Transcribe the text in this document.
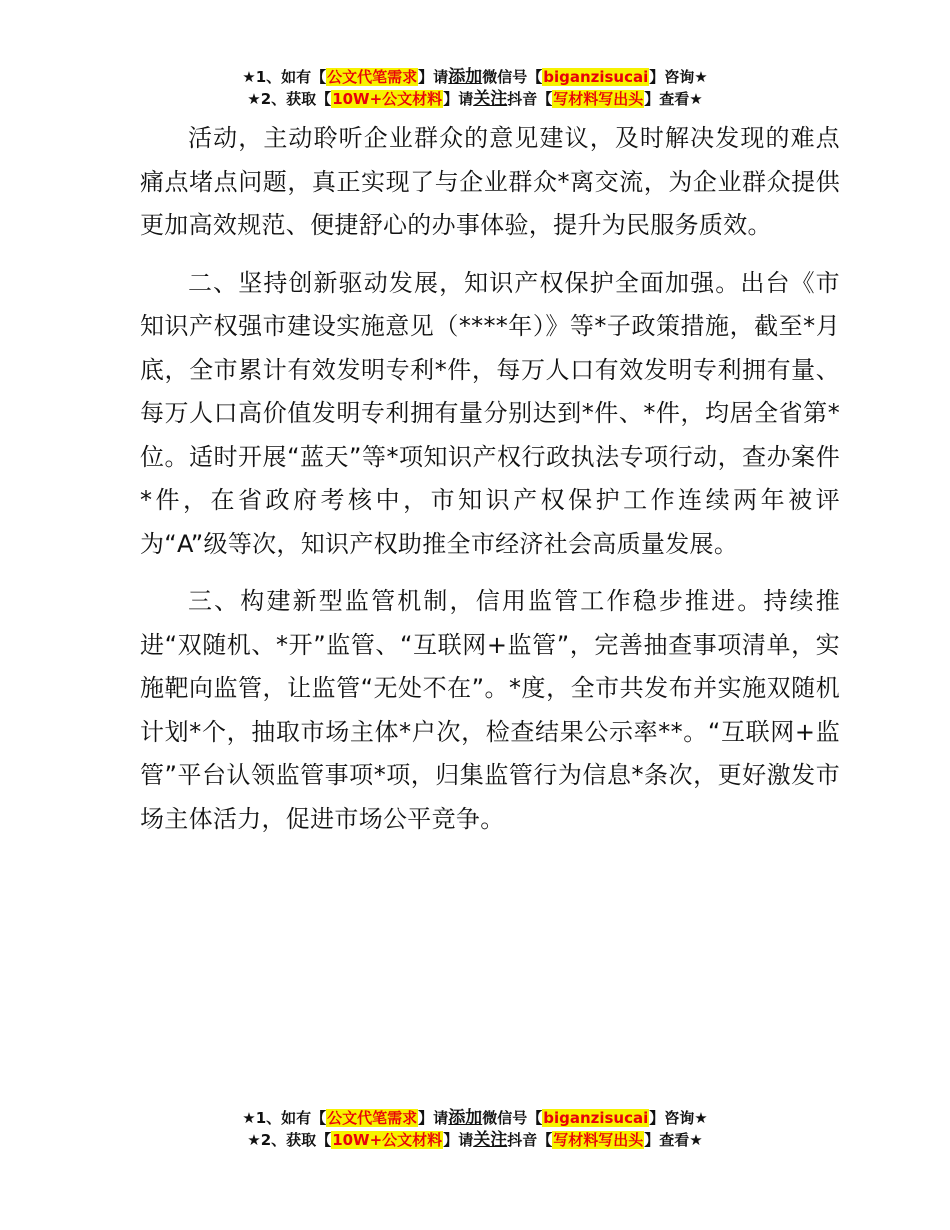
★1、如有【公文代笔需求】请添加微信号【biganzisucai】咨询★
★2、获取【10W+公文材料】请关注抖音【写材料写出头】查看★

活动，主动聆听企业群众的意见建议，及时解决发现的难点痛点堵点问题，真正实现了与企业群众*离交流，为企业群众提供更加高效规范、便捷舒心的办事体验，提升为民服务质效。

二、坚持创新驱动发展，知识产权保护全面加强。出台《市知识产权强市建设实施意见（****年）》等*子政策措施，截至*月底，全市累计有效发明专利*件，每万人口有效发明专利拥有量、每万人口高价值发明专利拥有量分别达到*件、*件，均居全省第*位。适时开展“蓝天”等*项知识产权行政执法专项行动，查办案件*件，在省政府考核中，市知识产权保护工作连续两年被评为“A”级等次，知识产权助推全市经济社会高质量发展。

三、构建新型监管机制，信用监管工作稳步推进。持续推进“双随机、*开”监管、“互联网+监管”，完善抽查事项清单，实施靶向监管，让监管“无处不在”。*度，全市共发布并实施双随机计划*个，抽取市场主体*户次，检查结果公示率**。“互联网+监管”平台认领监管事项*项，归集监管行为信息*条次，更好激发市场主体活力，促进市场公平竞争。

★1、如有【公文代笔需求】请添加微信号【biganzisucai】咨询★
★2、获取【10W+公文材料】请关注抖音【写材料写出头】查看★
